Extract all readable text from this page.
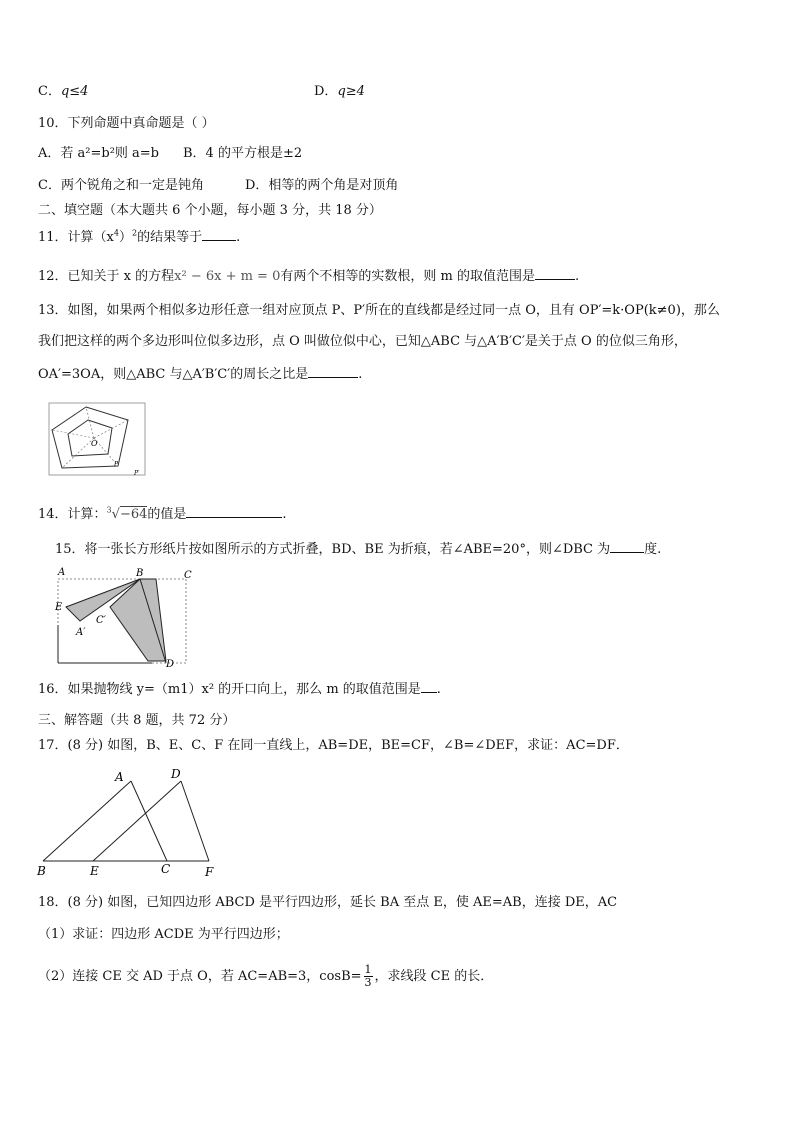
C．q≤4	D．q≥4
10．下列命题中真命题是（ ）
A．若 a²=b²则 a=b B．4 的平方根是±2
C．两个锐角之和一定是钝角	D．相等的两个角是对顶角
二、填空题（本大题共 6 个小题，每小题 3 分，共 18 分）
11．计算$(x^4)^2$的结果等于	.
12．已知关于 x 的方程x² − 6x + m = 0有两个不相等的实数根，则 m 的取值范围是	.
13．如图，如果两个相似多边形任意一组对应顶点 P、P′所在的直线都是经过同一点 O，且有 OP′=k·OP(k≠0)，那么
我们把这样的两个多边形叫位似多边形，点 O 叫做位似中心，已知△ABC 与△A′B′C′是关于点 O 的位似三角形，
OA′=3OA，则△ABC 与△A′B′C′的周长之比是	.
O
P
P′
14．计算：$^3$√−64的值是	.
15．将一张长方形纸片按如图所示的方式折叠，BD、BE 为折痕，若∠ABE=20°，则∠DBC 为	度.
A	B	C
E
C′
A′
D
16．如果抛物线 y=（m1）x² 的开口向上，那么 m 的取值范围是 .
三、解答题（共 8 题，共 72 分）
17．(8 分) 如图，B、E、C、F 在同一直线上，AB=DE，BE=CF，∠B=∠DEF，求证：AC=DF．
A	D
B	E	C	F
18．(8 分) 如图，已知四边形 ABCD 是平行四边形，延长 BA 至点 E，使 AE=AB，连接 DE，AC
（1）求证：四边形 ACDE 为平行四边形；
（2）连接 CE 交 AD 于点 O，若 AC=AB=3，$\cos B= \frac{1}{3}$ ，求线段 CE 的长．
